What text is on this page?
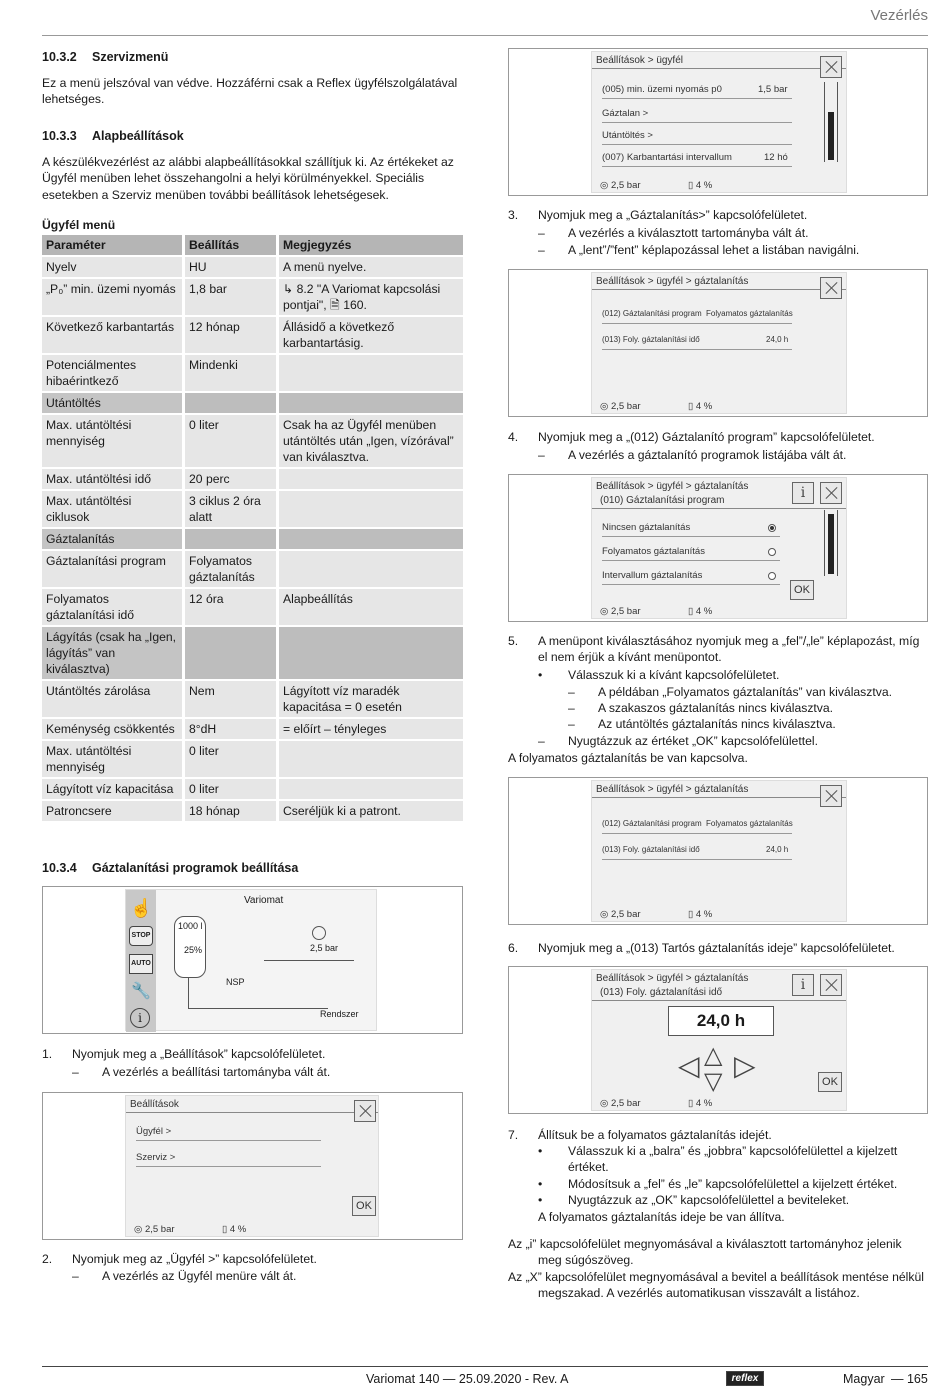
Vezérlés
10.3.2 Szervizmenü
Ez a menü jelszóval van védve. Hozzáférni csak a Reflex ügyfélszolgálatával lehetséges.
10.3.3 Alapbeállítások
A készülékvezérlést az alábbi alapbeállításokkal szállítjuk ki. Az értékeket az Ügyfél menüben lehet összehangolni a helyi körülményekkel. Speciális esetekben a Szerviz menüben további beállítások lehetségesek.
Ügyfél menü
Paraméter	Beállítás	Megjegyzés
Nyelv	HU	A menü nyelve.
„P₀” min. üzemi nyomás	1,8 bar	↳ 8.2 "A Variomat kapcsolási pontjai", 🗎 160.
Következő karbantartás	12 hónap	Állásidő a következő karbantartásig.
Potenciálmentes hibaérintkező	Mindenki	
Utántöltés		
Max. utántöltési mennyiség	0 liter	Csak ha az Ügyfél menüben utántöltés után „Igen, vízórával” van kiválasztva.
Max. utántöltési idő	20 perc	
Max. utántöltési ciklusok	3 ciklus 2 óra alatt	
Gáztalanítás		
Gáztalanítási program	Folyamatos gáztalanítás	
Folyamatos gáztalanítási idő	12 óra	Alapbeállítás
Lágyítás (csak ha „Igen, lágyítás” van kiválasztva)		
Utántöltés zárolása	Nem	Lágyított víz maradék kapacitása = 0 esetén
Keménység csökkentés	8°dH	= előírt – tényleges
Max. utántöltési mennyiség	0 liter	
Lágyított víz kapacitása	0 liter	
Patroncsere	18 hónap	Cseréljük ki a patront.
10.3.4 Gáztalanítási programok beállítása
☝
STOP
AUTO
🔧
i
Variomat
1000 l
25%	2,5 bar
NSP
Rendszer
1. Nyomjuk meg a „Beállítások” kapcsolófelületet.
– A vezérlés a beállítási tartományba vált át.
Beállítások
Ügyfél >
Szerviz >
OK
◎ 2,5 bar	▯ 4 %
2. Nyomjuk meg az „Ügyfél >” kapcsolófelületet.
– A vezérlés az Ügyfél menüre vált át.
Beállítások > ügyfél
(005) min. üzemi nyomás p0	1,5 bar
Gáztalan >
Utántöltés >
(007) Karbantartási intervallum	12 hó
◎ 2,5 bar	▯ 4 %
3. Nyomjuk meg a „Gáztalanítás>” kapcsolófelületet.
– A vezérlés a kiválasztott tartományba vált át.
– A „lent”/”fent” képlapozással lehet a listában navigálni.
Beállítások > ügyfél > gáztalanítás
(012) Gáztalanítási program Folyamatos gáztalanítás
(013) Foly. gáztalanítási idő	24,0 h
◎ 2,5 bar	▯ 4 %
4. Nyomjuk meg a „(012) Gáztalanító program” kapcsolófelületet.
– A vezérlés a gáztalanító programok listájába vált át.
Beállítások > ügyfél > gáztalanítás
(010) Gáztalanítási program
Nincsen gáztalanítás
Folyamatos gáztalanítás
Intervallum gáztalanítás
i
OK
◎ 2,5 bar	▯ 4 %
5. A menüpont kiválasztásához nyomjuk meg a „fel”/„le” képlapozást, míg el nem érjük a kívánt menüpontot.
• Válasszuk ki a kívánt kapcsolófelületet.
– A példában „Folyamatos gáztalanítás” van kiválasztva.
– A szakaszos gáztalanítás nincs kiválasztva.
– Az utántöltés gáztalanítás nincs kiválasztva.
– Nyugtázzuk az értéket „OK” kapcsolófelülettel.
A folyamatos gáztalanítás be van kapcsolva.
Beállítások > ügyfél > gáztalanítás
(012) Gáztalanítási program Folyamatos gáztalanítás
(013) Foly. gáztalanítási idő	24,0 h
◎ 2,5 bar	▯ 4 %
6. Nyomjuk meg a „(013) Tartós gáztalanítás ideje” kapcsolófelületet.
Beállítások > ügyfél > gáztalanítás
(013) Foly. gáztalanítási idő
24,0 h
◁ △
▽
▷
i
OK
◎ 2,5 bar	▯ 4 %
7. Állítsuk be a folyamatos gáztalanítás idejét.
• Válasszuk ki a „balra” és „jobbra” kapcsolófelülettel a kijelzett értéket.
• Módosítsuk a „fel” és „le” kapcsolófelülettel a kijelzett értéket.
• Nyugtázzuk az „OK” kapcsolófelülettel a beviteleket.
A folyamatos gáztalanítás ideje be van állítva.
Az „i” kapcsolófelület megnyomásával a kiválasztott tartományhoz jelenik meg súgószöveg.
Az „X” kapcsolófelület megnyomásával a bevitel a beállítások mentése nélkül megszakad. A vezérlés automatikusan visszavált a listához.
Variomat 140 — 25.09.2020 - Rev. A	reflex	Magyar — 165
